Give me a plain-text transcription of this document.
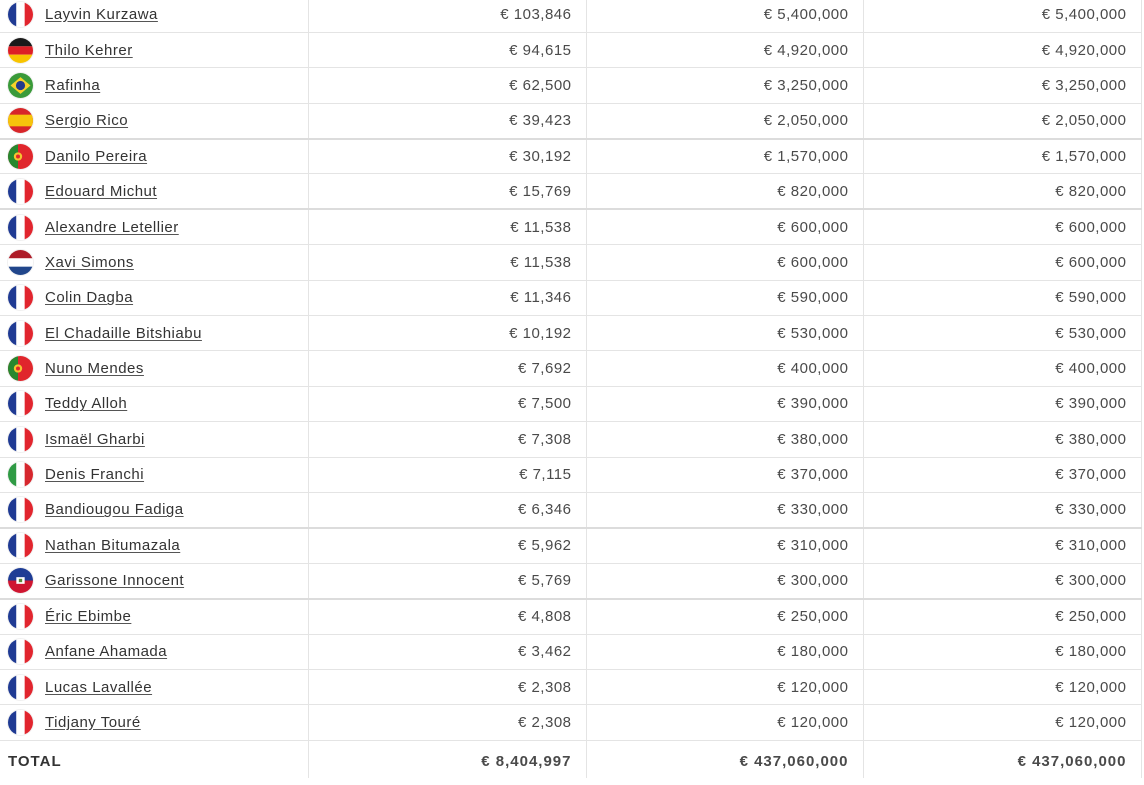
Layvin Kurzawa	€ 103,846	€ 5,400,000	€ 5,400,000

Thilo Kehrer	€ 94,615	€ 4,920,000	€ 4,920,000

Rafinha	€ 62,500	€ 3,250,000	€ 3,250,000

Sergio Rico	€ 39,423	€ 2,050,000	€ 2,050,000

Danilo Pereira	€ 30,192	€ 1,570,000	€ 1,570,000

Edouard Michut	€ 15,769	€ 820,000	€ 820,000

Alexandre Letellier	€ 11,538	€ 600,000	€ 600,000

Xavi Simons	€ 11,538	€ 600,000	€ 600,000

Colin Dagba	€ 11,346	€ 590,000	€ 590,000

El Chadaille Bitshiabu	€ 10,192	€ 530,000	€ 530,000

Nuno Mendes	€ 7,692	€ 400,000	€ 400,000

Teddy Alloh	€ 7,500	€ 390,000	€ 390,000

Ismaël Gharbi	€ 7,308	€ 380,000	€ 380,000

Denis Franchi	€ 7,115	€ 370,000	€ 370,000

Bandiougou Fadiga	€ 6,346	€ 330,000	€ 330,000

Nathan Bitumazala	€ 5,962	€ 310,000	€ 310,000

Garissone Innocent	€ 5,769	€ 300,000	€ 300,000

Éric Ebimbe	€ 4,808	€ 250,000	€ 250,000

Anfane Ahamada	€ 3,462	€ 180,000	€ 180,000

Lucas Lavallée	€ 2,308	€ 120,000	€ 120,000

Tidjany Touré	€ 2,308	€ 120,000	€ 120,000
TOTAL	€ 8,404,997	€ 437,060,000	€ 437,060,000
